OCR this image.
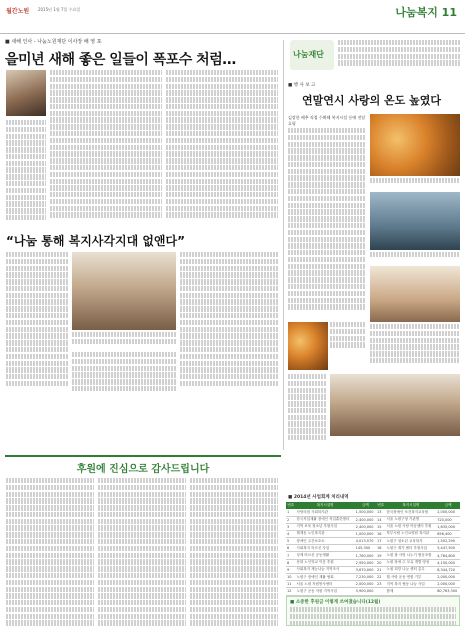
월간노원 2015년 1월 7일 수요일	나눔복지 11
■ 새해 인사 - 나눔노원재단 이사장 배 영 포
을미년 새해 좋은 일들이 폭포수 처럼…
“나눔 통해 복지사각지대 없앤다”
후원에 진심으로 감사드립니다
나눔재단
■ 행 사 보 고
연말연시 사랑의 온도 높였다
김장한 배추 직접 수확해 복지시설 등에 전달 호평
■ 2014년 사업회계 처리내역
번호	복지시설명	금액	번호	복지시설명	금액
1	사랑의집 사회복지관	1,500,000	13	한국장애인 보건복지교육원	2,000,000
2	한국직업재활 장애인 직업훈련센터	2,400,000	14	서울 노원구청 기관별	720,000
3	지역 보육 청소년 후원사업	2,400,000	15	서울 노원 사랑 아동센터 후원	1,635,000
4	월계동 노인복지관	1,000,000	16	북부시립 노인요양원 복지관	856,400
5	장애인 주간보호소	4,013,570	17	노원구 청소년 교육복지	1,502,290
6	사회복지 어르신 사업	145,300	18	노원구 재가 센터 후원사업	5,447,500
7	상계 어르신 공동생활	1,760,000	19	노원 참 사랑 나누기 협동조합	4,764,800
8	문화 노인학교 이웃 후원	2,950,000	20	노원 장애 수 모유 개별 양성	4,150,000
9	사회복지 재능나눔 지역조사	3,670,000	21	노원 희망 나눔 센터 총무	8,344,720
10	노원구 장애인 재활 협회	7,230,000	22	월 사랑 운동 연합 기부	2,000,000
11	서울 노원 자원봉사센터	2,000,000	23	지역 복지 협동 나눔 사업	2,000,000
12	노원구 공동 자원 지역사업	3,900,000		합계	80,763,300
■ 소중한 후원금 이렇게 쓰여졌습니다(12월)
